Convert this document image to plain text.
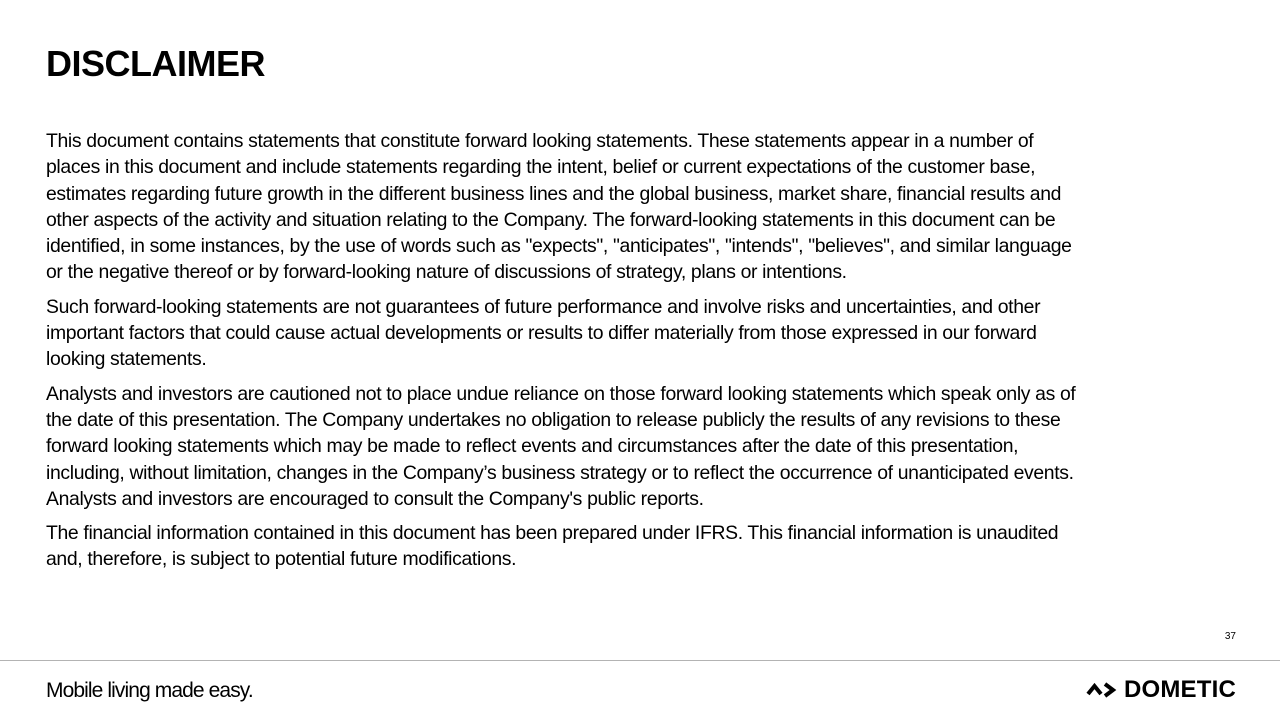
DISCLAIMER

This document contains statements that constitute forward looking statements. These statements appear in a number of
places in this document and include statements regarding the intent, belief or current expectations of the customer base,
estimates regarding future growth in the different business lines and the global business, market share, financial results and
other aspects of the activity and situation relating to the Company. The forward-looking statements in this document can be
identified, in some instances, by the use of words such as "expects", "anticipates", "intends", "believes", and similar language
or the negative thereof or by forward-looking nature of discussions of strategy, plans or intentions.

Such forward-looking statements are not guarantees of future performance and involve risks and uncertainties, and other
important factors that could cause actual developments or results to differ materially from those expressed in our forward
looking statements.

Analysts and investors are cautioned not to place undue reliance on those forward looking statements which speak only as of
the date of this presentation. The Company undertakes no obligation to release publicly the results of any revisions to these
forward looking statements which may be made to reflect events and circumstances after the date of this presentation,
including, without limitation, changes in the Company’s business strategy or to reflect the occurrence of unanticipated events.
Analysts and investors are encouraged to consult the Company's public reports.

The financial information contained in this document has been prepared under IFRS. This financial information is unaudited
and, therefore, is subject to potential future modifications.

37
Mobile living made easy.	DOMETIC
